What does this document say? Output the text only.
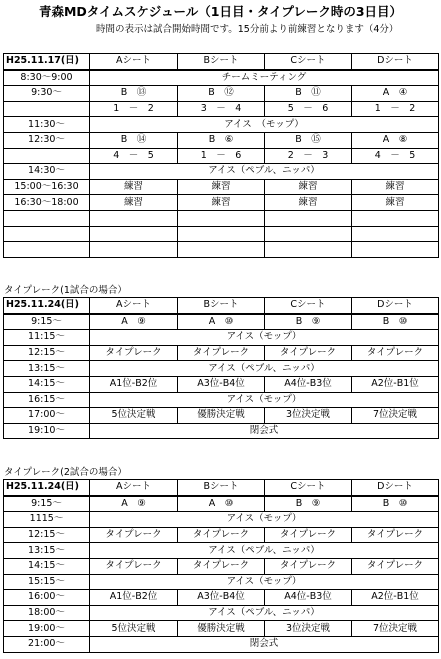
青森MDタイムスケジュール（1日目・タイプレーク時の3日目）
時間の表示は試合開始時間です。15分前より前練習となります（4分）
タイプレーク(1試合の場合）
タイプレーク(2試合の場合）
H25.11.17(日)	Aシート	Bシート	Cシート	Dシート
8:30～9:00	チームミーティング			
9:30～	B　⑬	B　⑫	B　⑪	A　④
	1　－　2	3　－　4	5　－　6	1　－　2
11:30～	アイス　（モップ）			
12:30～	B　⑭	B　⑥	B　⑮	A　⑧
	4　－　5	1　－　6	2　－　3	4　－　5
14:30～	アイス（ペブル、ニッパ）			
15:00～16:30	練習	練習	練習	練習
16:30～18:00	練習	練習	練習	練習

H25.11.24(日)	Aシート	Bシート	Cシート	Dシート
9:15～	A　⑨	A　⑩	B　⑨	B　⑩
11:15～	アイス（モップ）			
12:15～	タイプレーク	タイプレーク	タイプレーク	タイプレーク
13:15～	アイス（ペブル、ニッパ）			
14:15～	A1位-B2位	A3位-B4位	A4位-B3位	A2位-B1位
16:15～	アイス（モップ）			
17:00～	5位決定戦	優勝決定戦	3位決定戦	7位決定戦
19:10～	閉会式			
H25.11.24(日)	Aシート	Bシート	Cシート	Dシート
9:15～	A　⑨	A　⑩	B　⑨	B　⑩
1115～	アイス（モップ）			
12:15～	タイプレーク	タイプレーク	タイプレーク	タイプレーク
13:15～	アイス（ペブル、ニッパ）			
14:15～	タイプレーク	タイプレーク	タイプレーク	タイプレーク
15:15～	アイス（モップ）			
16:00～	A1位-B2位	A3位-B4位	A4位-B3位	A2位-B1位
18:00～	アイス（ペブル、ニッパ）			
19:00～	5位決定戦	優勝決定戦	3位決定戦	7位決定戦
21:00～	閉会式			
